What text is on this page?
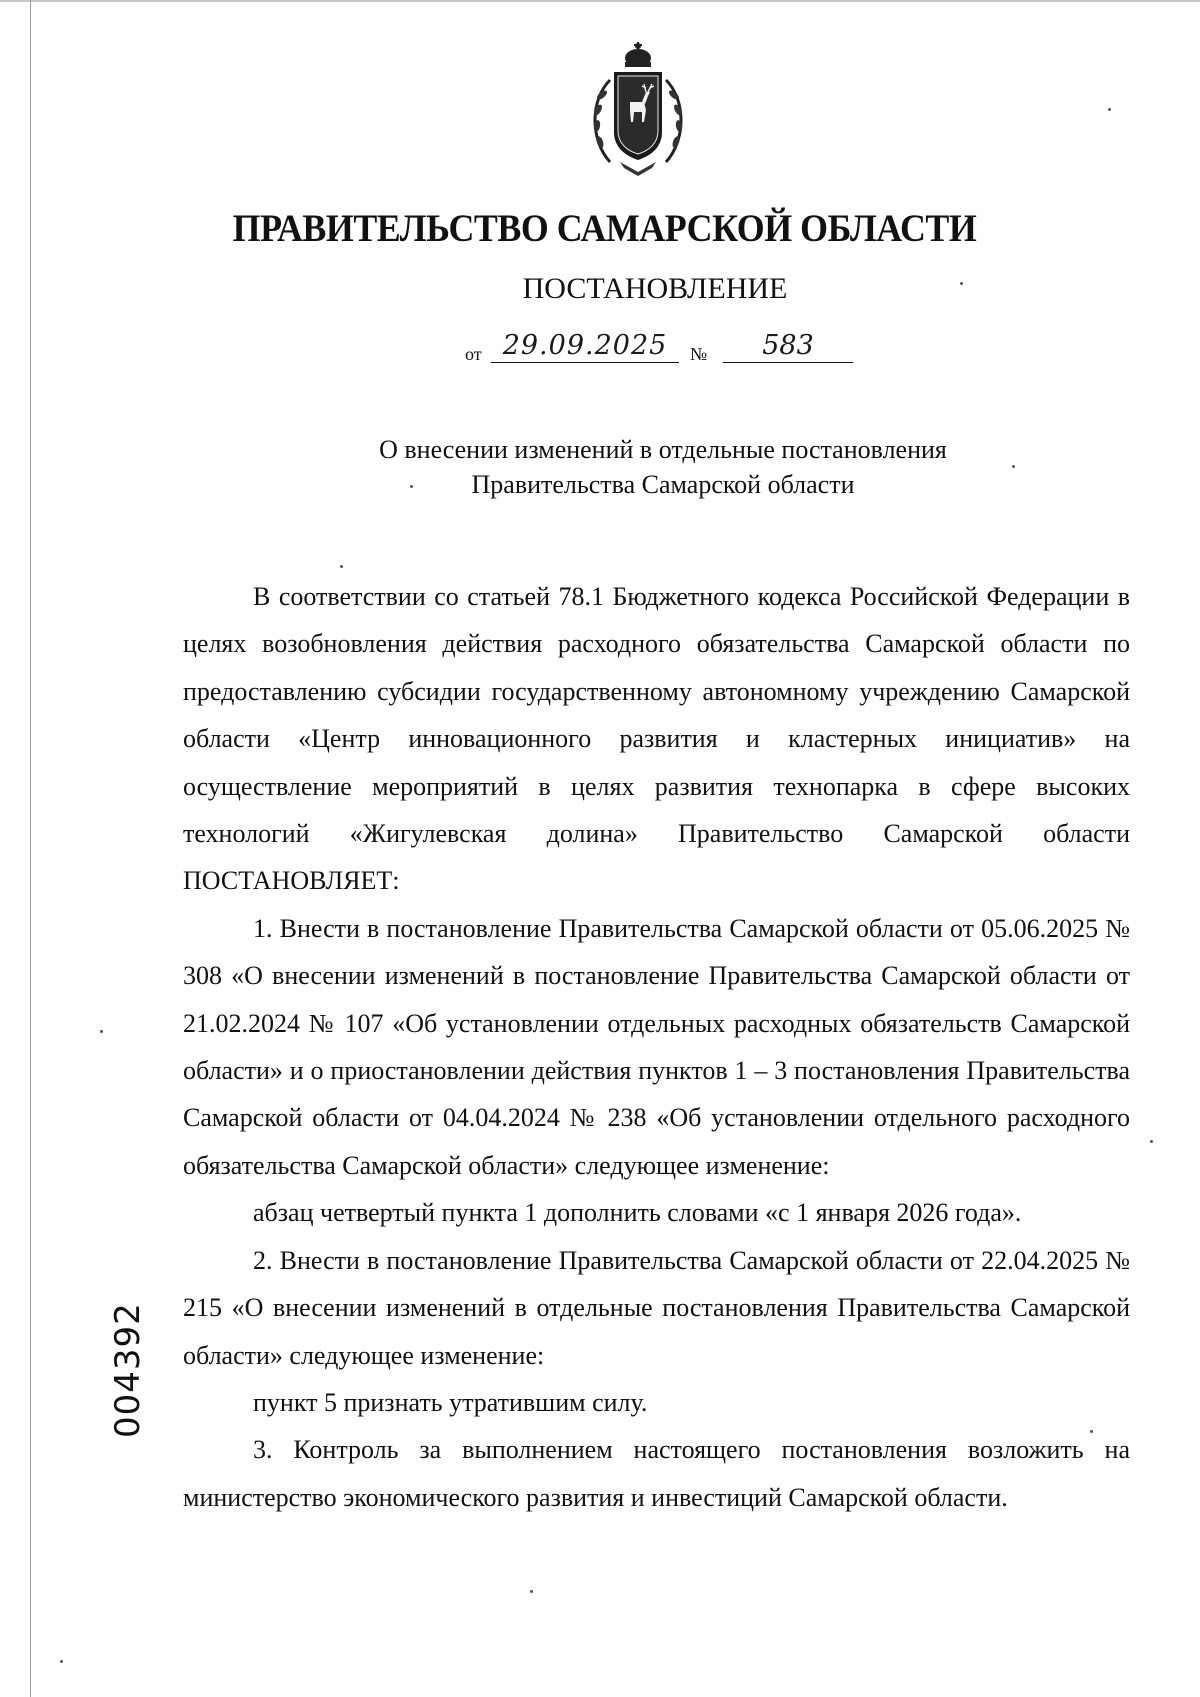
ПРАВИТЕЛЬСТВО САМАРСКОЙ ОБЛАСТИ
ПОСТАНОВЛЕНИЕ
от 29.09.2025	№	583
О внесении изменений в отдельные постановления
Правительства Самарской области

В соответствии со статьей 78.1 Бюджетного кодекса Российской Федерации в целях возобновления действия расходного обязательства Самарской области по предоставлению субсидии государственному автономному учреждению Самарской области «Центр инновационного развития и кластерных инициатив» на осуществление мероприятий в целях развития технопарка в сфере высоких технологий «Жигулевская долина» Правительство Самарской области ПОСТАНОВЛЯЕТ:

1. Внести в постановление Правительства Самарской области от 05.06.2025 № 308 «О внесении изменений в постановление Правительства Самарской области от 21.02.2024 № 107 «Об установлении отдельных расходных обязательств Самарской области» и о приостановлении действия пунктов 1 – 3 постановления Правительства Самарской области от 04.04.2024 № 238 «Об установлении отдельного расходного обязательства Самарской области» следующее изменение:

абзац четвертый пункта 1 дополнить словами «с 1 января 2026 года».

2. Внести в постановление Правительства Самарской области от 22.04.2025 № 215 «О внесении изменений в отдельные постановления Правительства Самарской области» следующее изменение:

пункт 5 признать утратившим силу.

3. Контроль за выполнением настоящего постановления возложить на министерство экономического развития и инвестиций Самарской области.

004392
